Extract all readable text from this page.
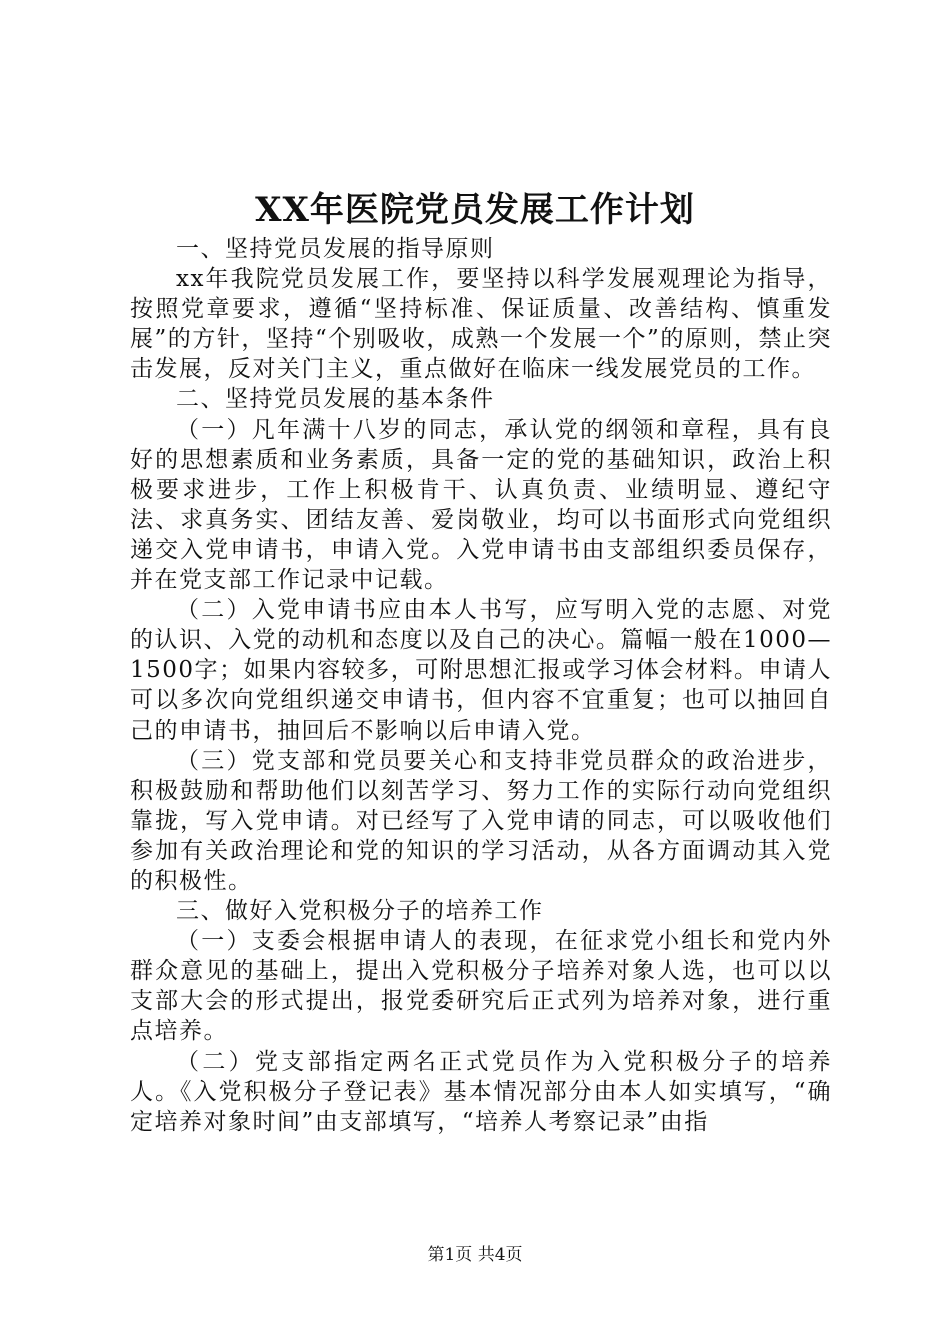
XX年医院党员发展工作计划

一、坚持党员发展的指导原则

xx年我院党员发展工作，要坚持以科学发展观理论为指导，按照党章要求，遵循“坚持标准、保证质量、改善结构、慎重发展”的方针，坚持“个别吸收，成熟一个发展一个”的原则，禁止突击发展，反对关门主义，重点做好在临床一线发展党员的工作。

二、坚持党员发展的基本条件

（一）凡年满十八岁的同志，承认党的纲领和章程，具有良好的思想素质和业务素质，具备一定的党的基础知识，政治上积极要求进步，工作上积极肯干、认真负责、业绩明显、遵纪守法、求真务实、团结友善、爱岗敬业，均可以书面形式向党组织递交入党申请书，申请入党。入党申请书由支部组织委员保存，并在党支部工作记录中记载。

（二）入党申请书应由本人书写，应写明入党的志愿、对党的认识、入党的动机和态度以及自己的决心。篇幅一般在1000—1500字；如果内容较多，可附思想汇报或学习体会材料。申请人可以多次向党组织递交申请书，但内容不宜重复；也可以抽回自己的申请书，抽回后不影响以后申请入党。

（三）党支部和党员要关心和支持非党员群众的政治进步，积极鼓励和帮助他们以刻苦学习、努力工作的实际行动向党组织靠拢，写入党申请。对已经写了入党申请的同志，可以吸收他们参加有关政治理论和党的知识的学习活动，从各方面调动其入党的积极性。

三、做好入党积极分子的培养工作

（一）支委会根据申请人的表现，在征求党小组长和党内外群众意见的基础上，提出入党积极分子培养对象人选，也可以以支部大会的形式提出，报党委研究后正式列为培养对象，进行重点培养。

（二）党支部指定两名正式党员作为入党积极分子的培养人。《入党积极分子登记表》基本情况部分由本人如实填写，“确定培养对象时间”由支部填写，“培养人考察记录”由指

第1页 共4页
